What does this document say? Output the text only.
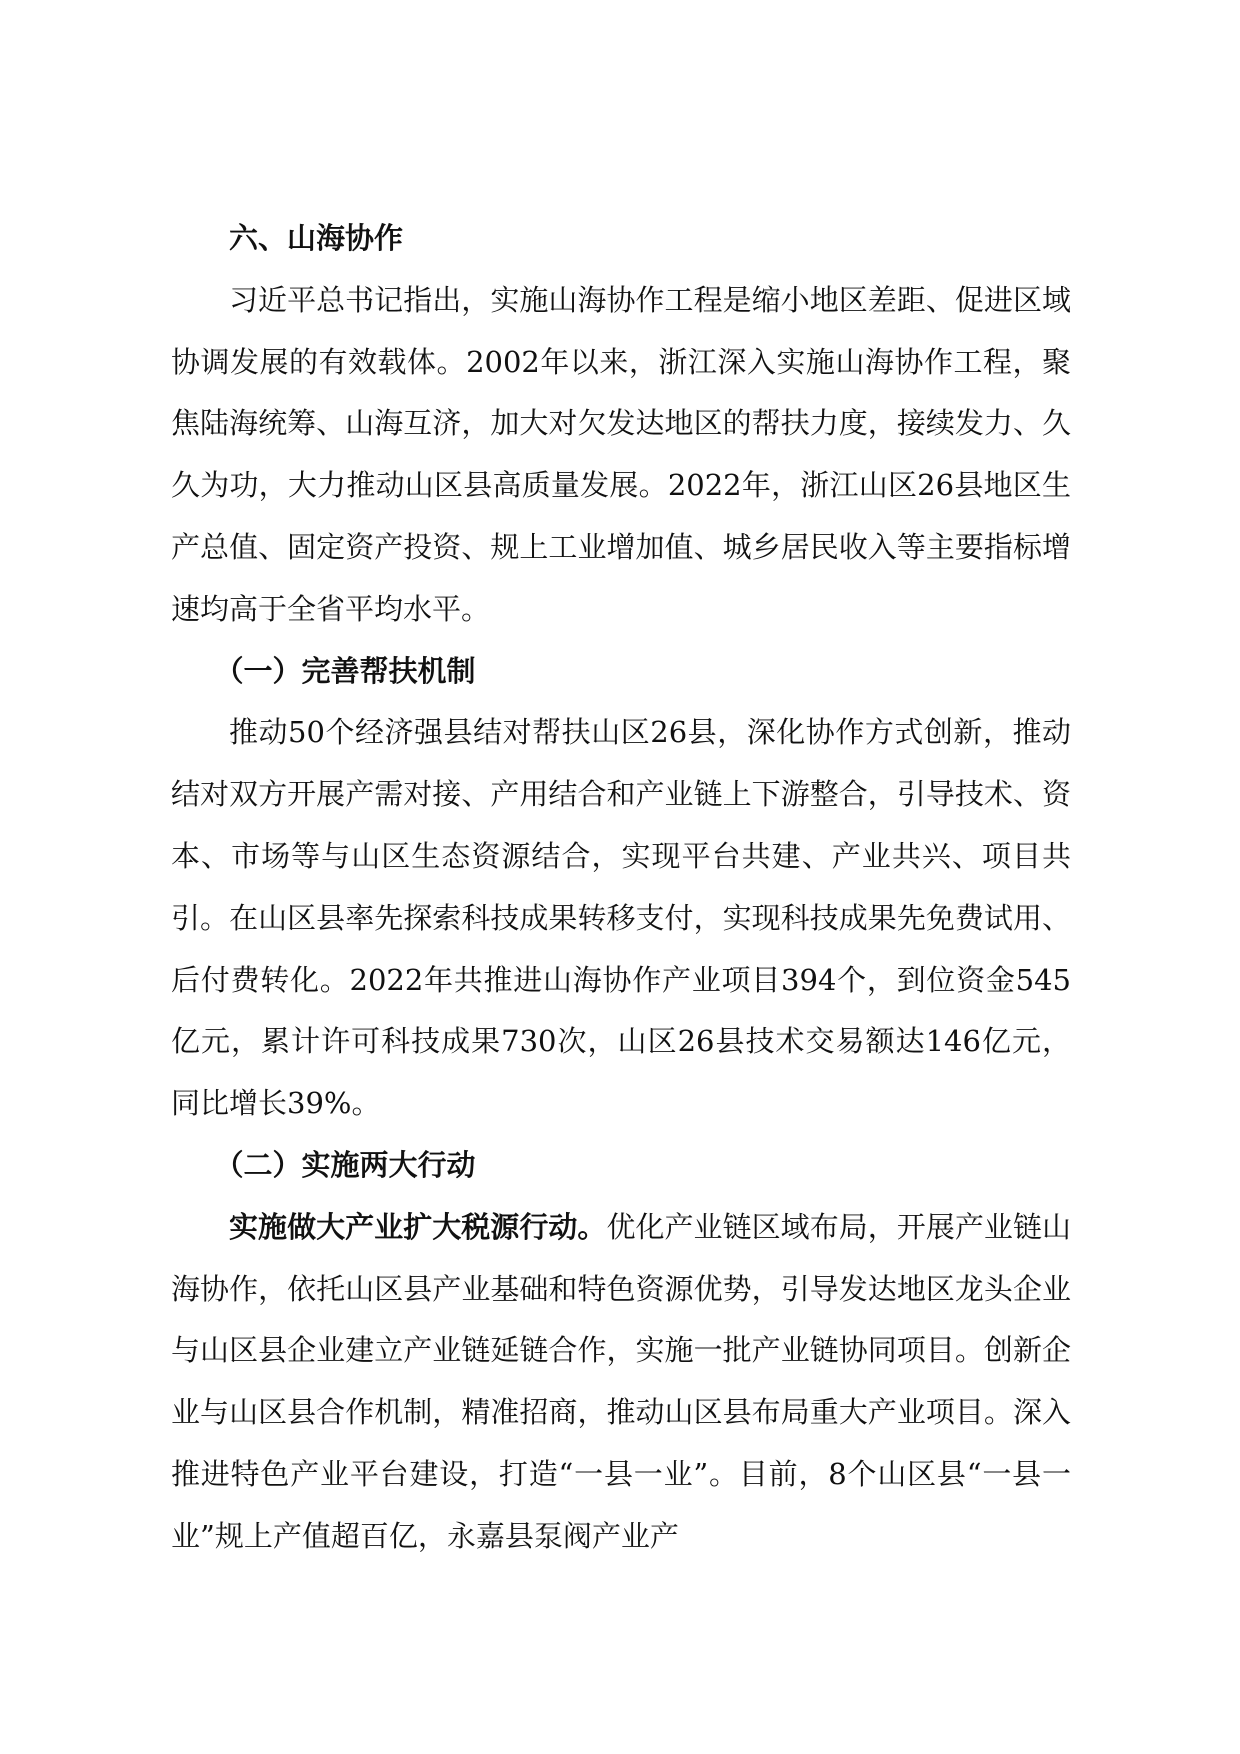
六、山海协作

习近平总书记指出，实施山海协作工程是缩小地区差距、促进区域协调发展的有效载体。2002年以来，浙江深入实施山海协作工程，聚焦陆海统筹、山海互济，加大对欠发达地区的帮扶力度，接续发力、久久为功，大力推动山区县高质量发展。2022年，浙江山区26县地区生产总值、固定资产投资、规上工业增加值、城乡居民收入等主要指标增速均高于全省平均水平。

（一）完善帮扶机制

推动50个经济强县结对帮扶山区26县，深化协作方式创新，推动结对双方开展产需对接、产用结合和产业链上下游整合，引导技术、资本、市场等与山区生态资源结合，实现平台共建、产业共兴、项目共引。在山区县率先探索科技成果转移支付，实现科技成果先免费试用、后付费转化。2022年共推进山海协作产业项目394个，到位资金545亿元，累计许可科技成果730次，山区26县技术交易额达146亿元，同比增长39%。

（二）实施两大行动

实施做大产业扩大税源行动。优化产业链区域布局，开展产业链山海协作，依托山区县产业基础和特色资源优势，引导发达地区龙头企业与山区县企业建立产业链延链合作，实施一批产业链协同项目。创新企业与山区县合作机制，精准招商，推动山区县布局重大产业项目。深入推进特色产业平台建设，打造“一县一业”。目前，8个山区县“一县一业”规上产值超百亿，永嘉县泵阀产业产
